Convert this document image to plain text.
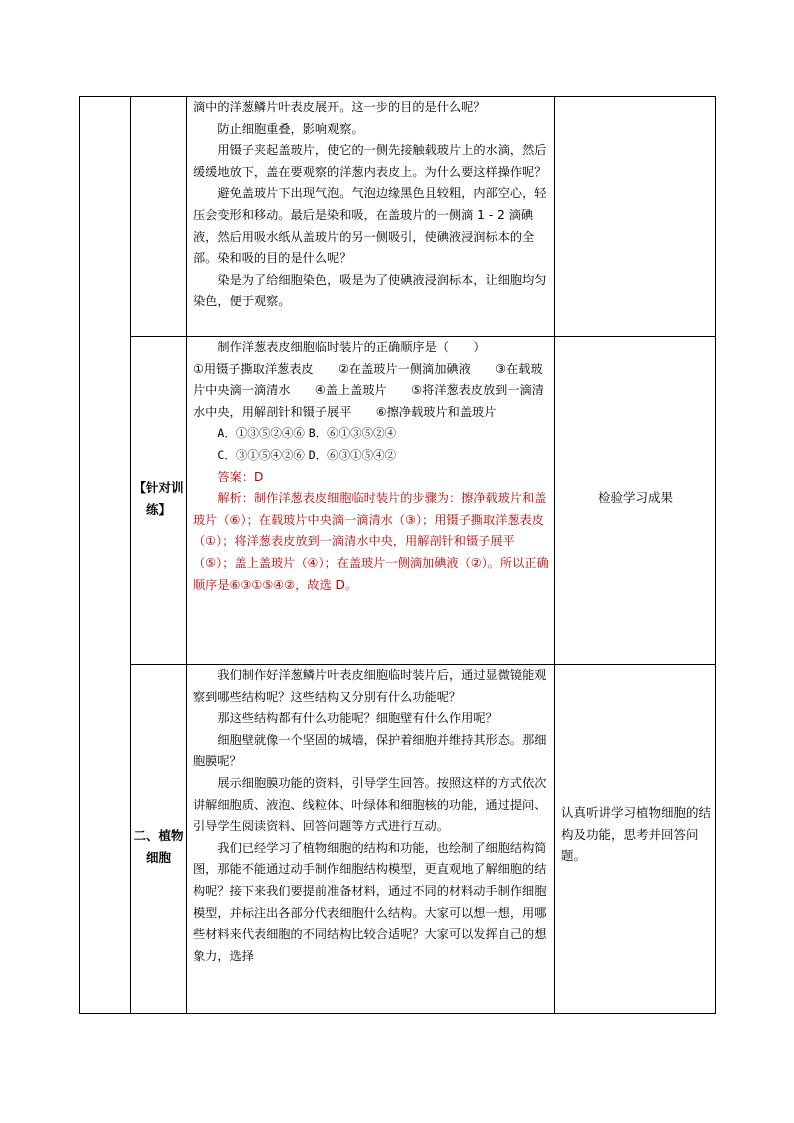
滴中的洋葱鳞片叶表皮展开。这一步的目的是什么呢？

防止细胞重叠，影响观察。

用镊子夹起盖玻片，使它的一侧先接触载玻片上的水滴，然后缓缓地放下，盖在要观察的洋葱内表皮上。为什么要这样操作呢？

避免盖玻片下出现气泡。气泡边缘黑色且较粗，内部空心，轻压会变形和移动。最后是染和吸，在盖玻片的一侧滴 1 - 2 滴碘液，然后用吸水纸从盖玻片的另一侧吸引，使碘液浸润标本的全部。染和吸的目的是什么呢？

染是为了给细胞染色，吸是为了使碘液浸润标本，让细胞均匀染色，便于观察。

【针对训练】

制作洋葱表皮细胞临时装片的正确顺序是（　　）

①用镊子撕取洋葱表皮　　②在盖玻片一侧滴加碘液　　③在载玻片中央滴一滴清水　　④盖上盖玻片　　⑤将洋葱表皮放到一滴清水中央，用解剖针和镊子展平　　⑥擦净载玻片和盖玻片

A．①③⑤②④⑥ B．⑥①③⑤②④

C．③①⑤④②⑥ D．⑥③①⑤④②

答案：D

解析：制作洋葱表皮细胞临时装片的步骤为：擦净载玻片和盖玻片（⑥）；在载玻片中央滴一滴清水（③）；用镊子撕取洋葱表皮（①）；将洋葱表皮放到一滴清水中央，用解剖针和镊子展平（⑤）；盖上盖玻片（④）；在盖玻片一侧滴加碘液（②）。所以正确顺序是⑥③①⑤④②，故选 D。

检验学习成果
二、植物细胞

我们制作好洋葱鳞片叶表皮细胞临时装片后，通过显微镜能观察到哪些结构呢？这些结构又分别有什么功能呢？

那这些结构都有什么功能呢？细胞壁有什么作用呢？

细胞壁就像一个坚固的城墙，保护着细胞并维持其形态。那细胞膜呢？

展示细胞膜功能的资料，引导学生回答。按照这样的方式依次讲解细胞质、液泡、线粒体、叶绿体和细胞核的功能，通过提问、引导学生阅读资料、回答问题等方式进行互动。

我们已经学习了植物细胞的结构和功能，也绘制了细胞结构简图，那能不能通过动手制作细胞结构模型，更直观地了解细胞的结构呢？接下来我们要提前准备材料，通过不同的材料动手制作细胞模型，并标注出各部分代表细胞什么结构。大家可以想一想，用哪些材料来代表细胞的不同结构比较合适呢？大家可以发挥自己的想象力，选择

认真听讲学习植物细胞的结构及功能，思考并回答问题。
